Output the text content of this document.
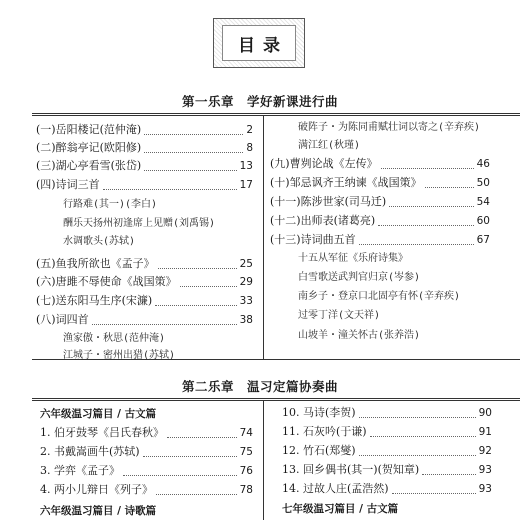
目录
第一乐章　学好新课进行曲
(一)岳阳楼记(范仲淹)	2
(二)醉翁亭记(欧阳修)	8
(三)湖心亭看雪(张岱)	13
(四)诗词三首	17
行路难(其一)(李白)
酬乐天扬州初逢席上见赠(刘禹锡)
水调歌头(苏轼)
(五)鱼我所欲也《孟子》	25
(六)唐雎不辱使命《战国策》	29
(七)送东阳马生序(宋濂)	33
(八)词四首	38
渔家傲・秋思(范仲淹)
江城子・密州出猎(苏轼)
破阵子・为陈同甫赋壮词以寄之(辛弃疾)
满江红(秋瑾)
(九)曹刿论战《左传》	46
(十)邹忌讽齐王纳谏《战国策》	50
(十一)陈涉世家(司马迁)	54
(十二)出师表(诸葛亮)	60
(十三)诗词曲五首	67
十五从军征《乐府诗集》
白雪歌送武判官归京(岑参)
南乡子・登京口北固亭有怀(辛弃疾)
过零丁洋(文天祥)
山坡羊・潼关怀古(张养浩)
第二乐章　温习定篇协奏曲
六年级温习篇目 / 古文篇
1. 伯牙鼓琴《吕氏春秋》	74
2. 书戴嵩画牛(苏轼)	75
3. 学弈《孟子》	76
4. 两小儿辩日《列子》	78
六年级温习篇目 / 诗歌篇
10. 马诗(李贺)	90
11. 石灰吟(于谦)	91
12. 竹石(郑燮)	92
13. 回乡偶书(其一)(贺知章)	93
14. 过故人庄(孟浩然)	93
七年级温习篇目 / 古文篇
